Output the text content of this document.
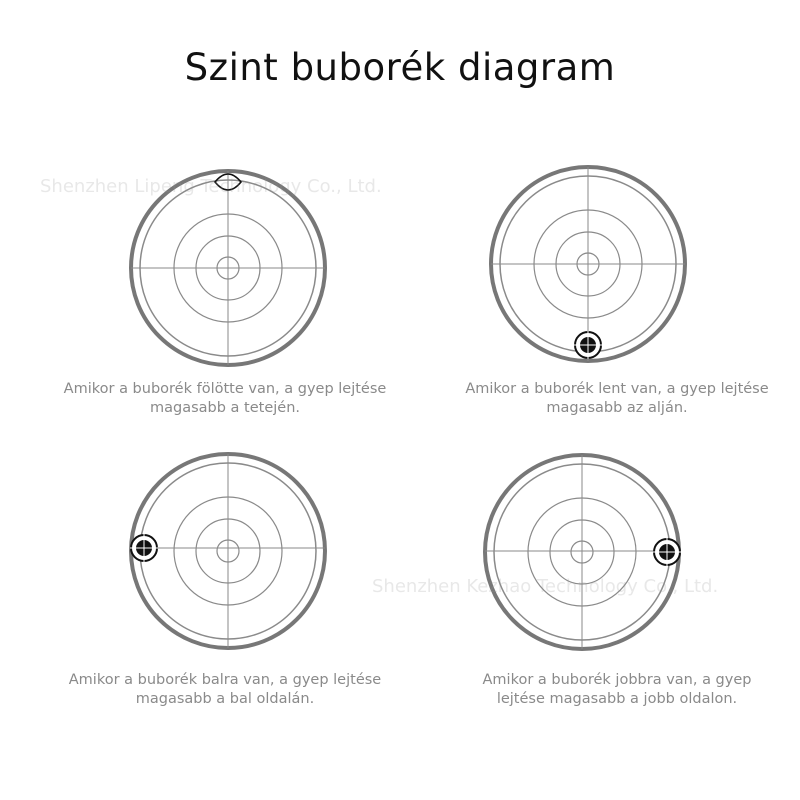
Szint buborék diagram
Amikor a buborék fölötte van, a gyep lejtése
magasabb a tetején.
Amikor a buborék lent van, a gyep lejtése
magasabb az alján.
Amikor a buborék balra van, a gyep lejtése
magasabb a bal oldalán.
Amikor a buborék jobbra van, a gyep
lejtése magasabb a jobb oldalon.
Shenzhen Lipeng Technology Co., Ltd.
Shenzhen Kezhao Technology Co., Ltd.
